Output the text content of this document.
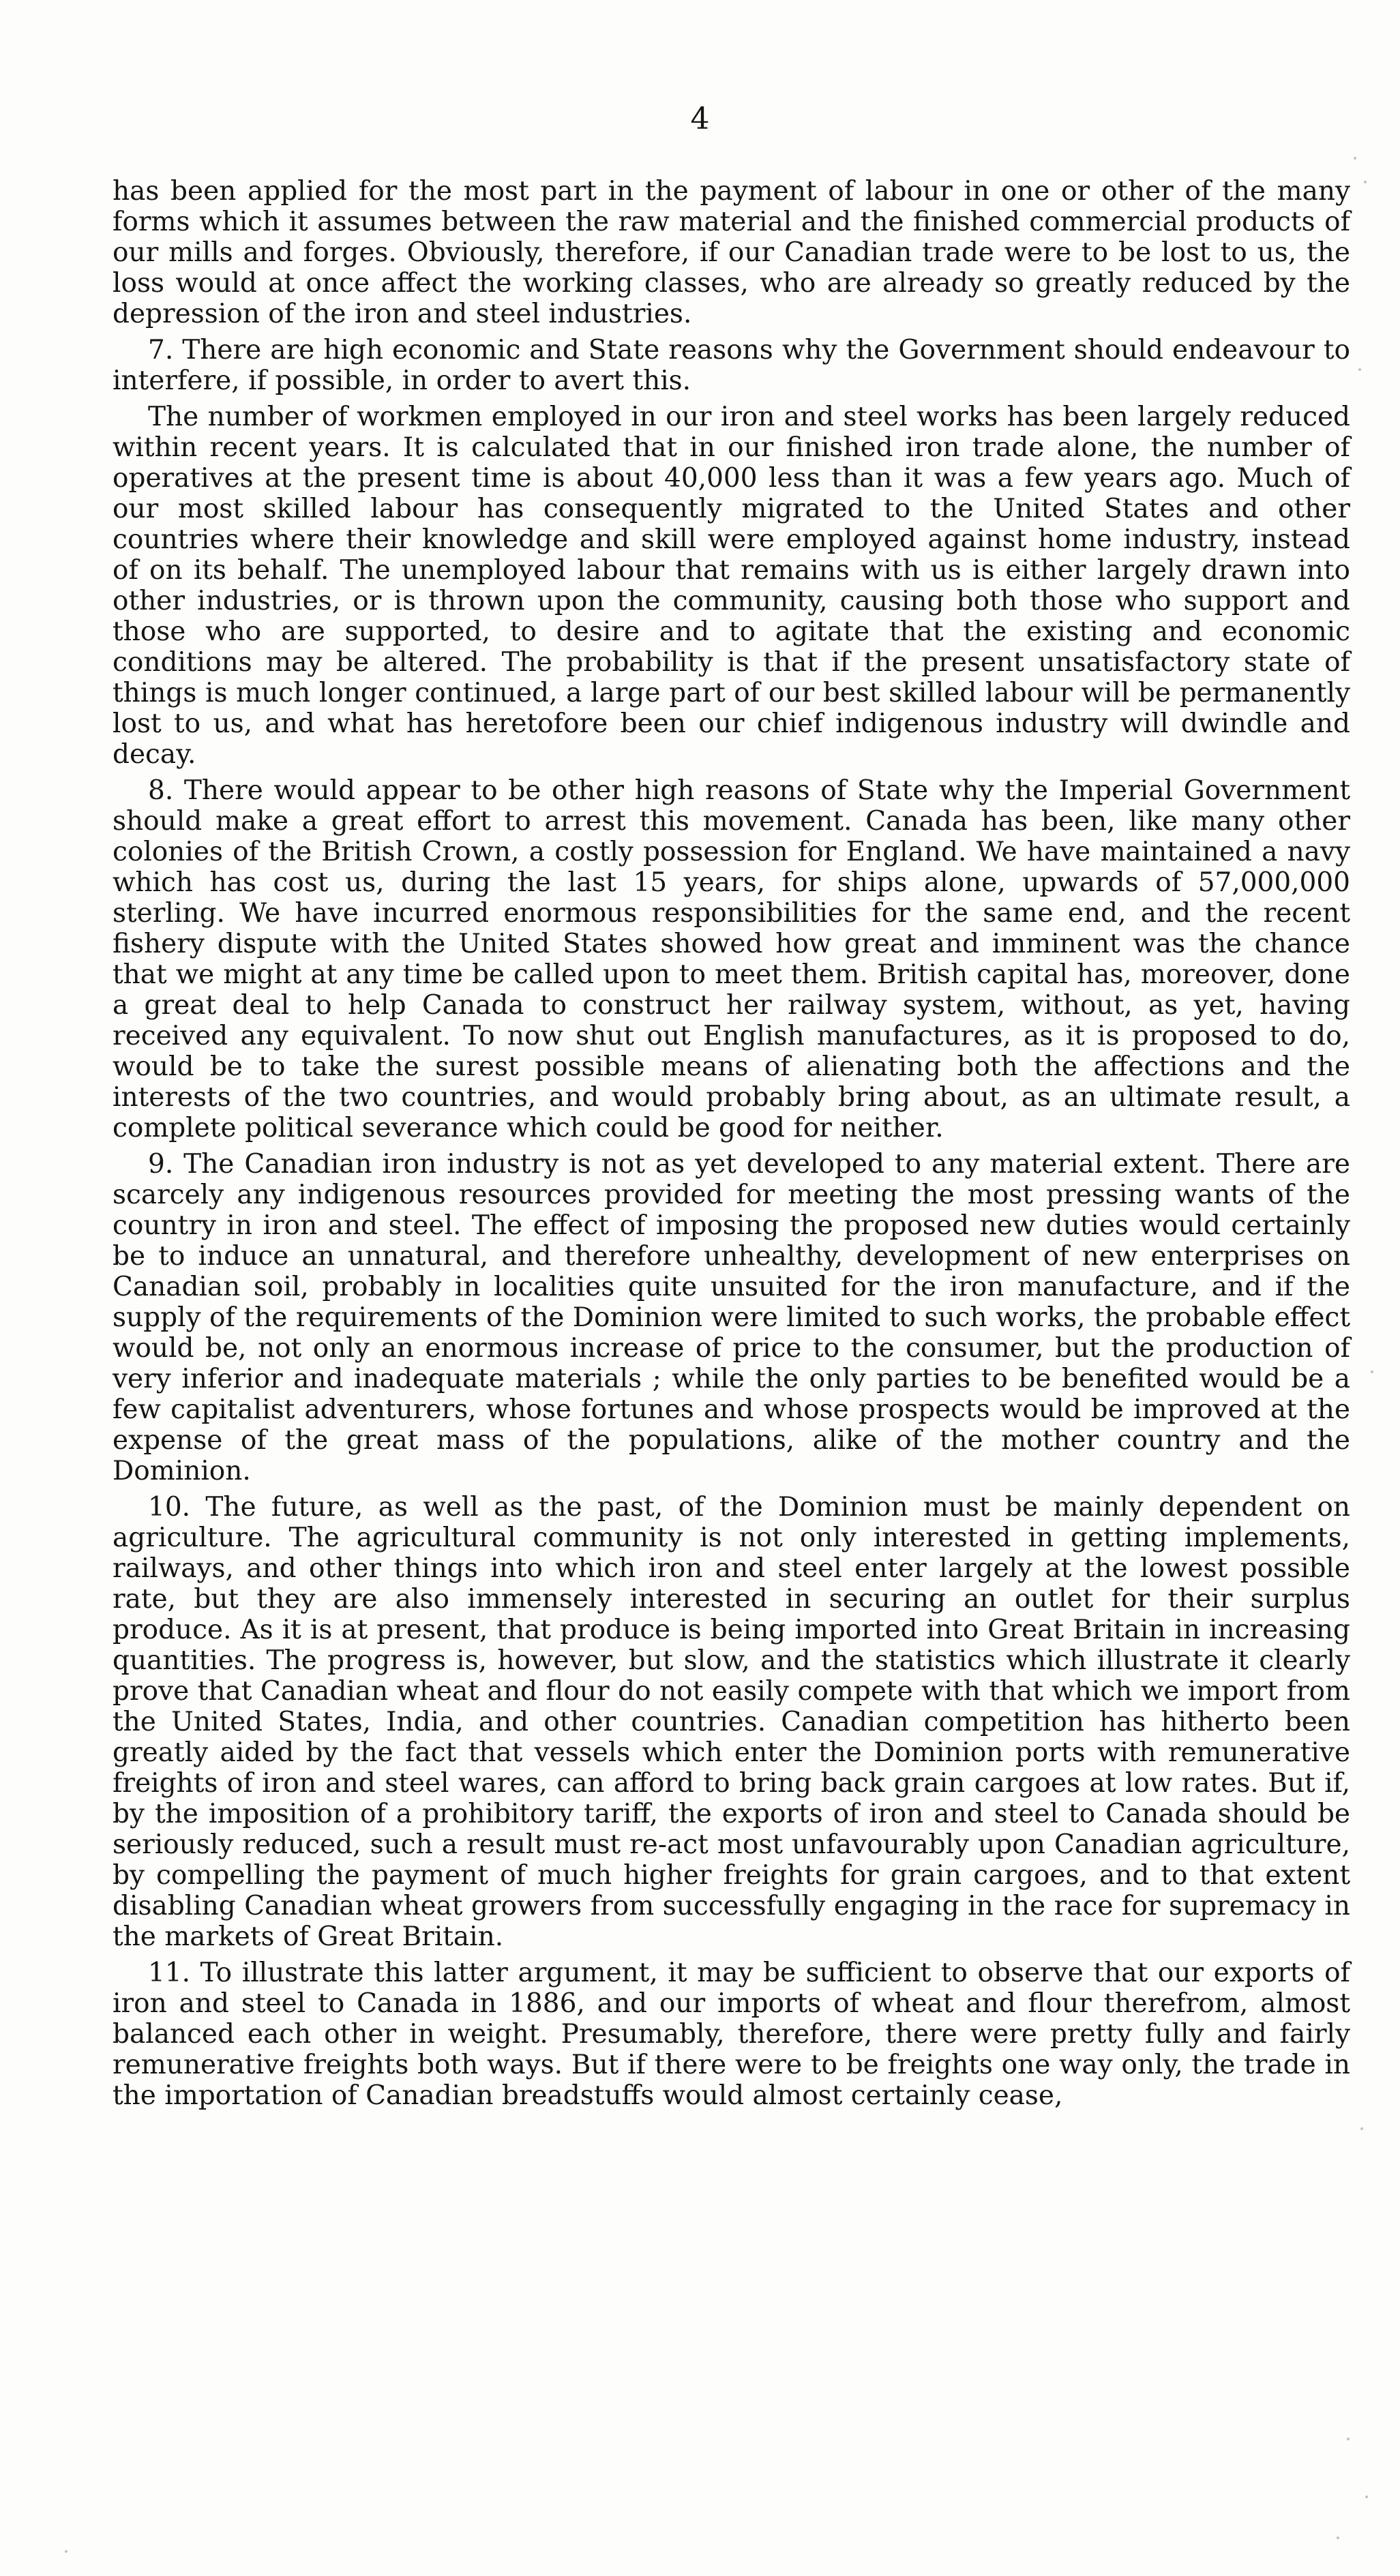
4

has been applied for the most part in the payment of labour in one or other of the many forms which it assumes between the raw material and the finished commercial products of our mills and forges. Obviously, therefore, if our Canadian trade were to be lost to us, the loss would at once affect the working classes, who are already so greatly reduced by the depression of the iron and steel industries.

7. There are high economic and State reasons why the Government should endeavour to interfere, if possible, in order to avert this.

The number of workmen employed in our iron and steel works has been largely reduced within recent years. It is calculated that in our finished iron trade alone, the number of operatives at the present time is about 40,000 less than it was a few years ago. Much of our most skilled labour has consequently migrated to the United States and other countries where their knowledge and skill were employed against home industry, instead of on its behalf. The unemployed labour that remains with us is either largely drawn into other industries, or is thrown upon the community, causing both those who support and those who are supported, to desire and to agitate that the existing and economic conditions may be altered. The probability is that if the present unsatisfactory state of things is much longer continued, a large part of our best skilled labour will be permanently lost to us, and what has heretofore been our chief indigenous industry will dwindle and decay.

8. There would appear to be other high reasons of State why the Imperial Government should make a great effort to arrest this movement. Canada has been, like many other colonies of the British Crown, a costly possession for England. We have maintained a navy which has cost us, during the last 15 years, for ships alone, upwards of 57,000,000 sterling. We have incurred enormous responsibilities for the same end, and the recent fishery dispute with the United States showed how great and imminent was the chance that we might at any time be called upon to meet them. British capital has, moreover, done a great deal to help Canada to construct her railway system, without, as yet, having received any equivalent. To now shut out English manufactures, as it is proposed to do, would be to take the surest possible means of alienating both the affections and the interests of the two countries, and would probably bring about, as an ultimate result, a complete political severance which could be good for neither.

9. The Canadian iron industry is not as yet developed to any material extent. There are scarcely any indigenous resources provided for meeting the most pressing wants of the country in iron and steel. The effect of imposing the proposed new duties would certainly be to induce an unnatural, and therefore unhealthy, development of new enterprises on Canadian soil, probably in localities quite unsuited for the iron manufacture, and if the supply of the requirements of the Dominion were limited to such works, the probable effect would be, not only an enormous increase of price to the consumer, but the production of very inferior and inadequate materials ; while the only parties to be benefited would be a few capitalist adventurers, whose fortunes and whose prospects would be improved at the expense of the great mass of the populations, alike of the mother country and the Dominion.

10. The future, as well as the past, of the Dominion must be mainly dependent on agriculture. The agricultural community is not only interested in getting implements, railways, and other things into which iron and steel enter largely at the lowest possible rate, but they are also immensely interested in securing an outlet for their surplus produce. As it is at present, that produce is being imported into Great Britain in increasing quantities. The progress is, however, but slow, and the statistics which illustrate it clearly prove that Canadian wheat and flour do not easily compete with that which we import from the United States, India, and other countries. Canadian competition has hitherto been greatly aided by the fact that vessels which enter the Dominion ports with remunerative freights of iron and steel wares, can afford to bring back grain cargoes at low rates. But if, by the imposition of a prohibitory tariff, the exports of iron and steel to Canada should be seriously reduced, such a result must re-act most unfavourably upon Canadian agriculture, by compelling the payment of much higher freights for grain cargoes, and to that extent disabling Canadian wheat growers from successfully engaging in the race for supremacy in the markets of Great Britain.

11. To illustrate this latter argument, it may be sufficient to observe that our exports of iron and steel to Canada in 1886, and our imports of wheat and flour therefrom, almost balanced each other in weight. Presumably, therefore, there were pretty fully and fairly remunerative freights both ways. But if there were to be freights one way only, the trade in the importation of Canadian breadstuffs would almost certainly cease,
